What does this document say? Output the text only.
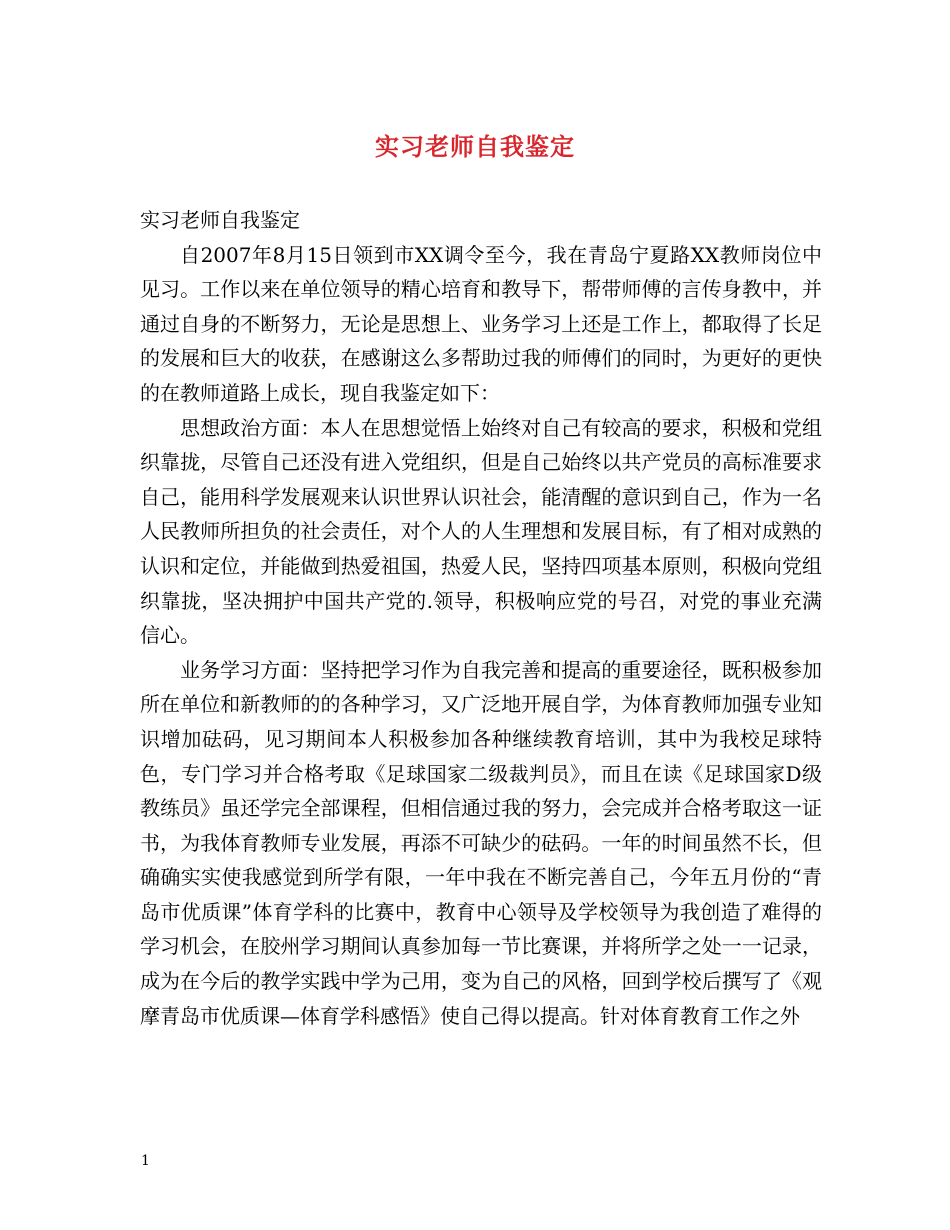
实习老师自我鉴定

实习老师自我鉴定

自2007年8月15日领到市XX调令至今，我在青岛宁夏路XX教师岗位中见习。工作以来在单位领导的精心培育和教导下，帮带师傅的言传身教中，并通过自身的不断努力，无论是思想上、业务学习上还是工作上，都取得了长足的发展和巨大的收获，在感谢这么多帮助过我的师傅们的同时，为更好的更快的在教师道路上成长，现自我鉴定如下：

思想政治方面：本人在思想觉悟上始终对自己有较高的要求，积极和党组织靠拢，尽管自己还没有进入党组织，但是自己始终以共产党员的高标准要求自己，能用科学发展观来认识世界认识社会，能清醒的意识到自己，作为一名人民教师所担负的社会责任，对个人的人生理想和发展目标，有了相对成熟的认识和定位，并能做到热爱祖国，热爱人民，坚持四项基本原则，积极向党组织靠拢，坚决拥护中国共产党的.领导，积极响应党的号召，对党的事业充满信心。

业务学习方面：坚持把学习作为自我完善和提高的重要途径，既积极参加所在单位和新教师的的各种学习，又广泛地开展自学，为体育教师加强专业知识增加砝码，见习期间本人积极参加各种继续教育培训，其中为我校足球特色，专门学习并合格考取《足球国家二级裁判员》，而且在读《足球国家D级教练员》虽还学完全部课程，但相信通过我的努力，会完成并合格考取这一证书，为我体育教师专业发展，再添不可缺少的砝码。一年的时间虽然不长，但确确实实使我感觉到所学有限，一年中我在不断完善自己，今年五月份的“青岛市优质课”体育学科的比赛中，教育中心领导及学校领导为我创造了难得的学习机会，在胶州学习期间认真参加每一节比赛课，并将所学之处一一记录，成为在今后的教学实践中学为己用，变为自己的风格，回到学校后撰写了《观摩青岛市优质课—体育学科感悟》使自己得以提高。针对体育教育工作之外

1
